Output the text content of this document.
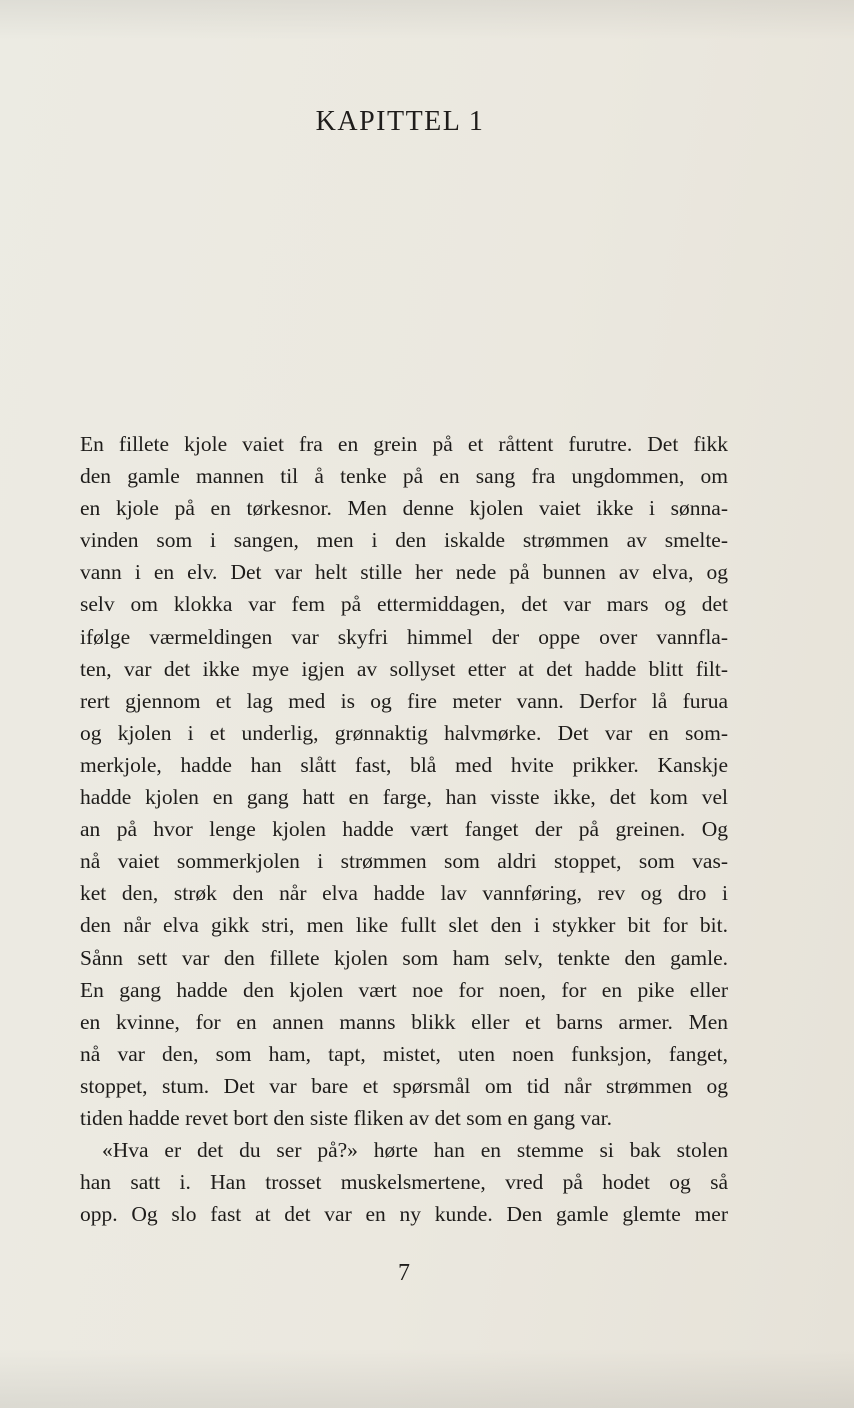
KAPITTEL 1
En fillete kjole vaiet fra en grein på et råttent furutre. Det fikk
den gamle mannen til å tenke på en sang fra ungdommen, om
en kjole på en tørkesnor. Men denne kjolen vaiet ikke i sønna-
vinden som i sangen, men i den iskalde strømmen av smelte-
vann i en elv. Det var helt stille her nede på bunnen av elva, og
selv om klokka var fem på ettermiddagen, det var mars og det
ifølge værmeldingen var skyfri himmel der oppe over vannfla-
ten, var det ikke mye igjen av sollyset etter at det hadde blitt filt-
rert gjennom et lag med is og fire meter vann. Derfor lå furua
og kjolen i et underlig, grønnaktig halvmørke. Det var en som-
merkjole, hadde han slått fast, blå med hvite prikker. Kanskje
hadde kjolen en gang hatt en farge, han visste ikke, det kom vel
an på hvor lenge kjolen hadde vært fanget der på greinen. Og
nå vaiet sommerkjolen i strømmen som aldri stoppet, som vas-
ket den, strøk den når elva hadde lav vannføring, rev og dro i
den når elva gikk stri, men like fullt slet den i stykker bit for bit.
Sånn sett var den fillete kjolen som ham selv, tenkte den gamle.
En gang hadde den kjolen vært noe for noen, for en pike eller
en kvinne, for en annen manns blikk eller et barns armer. Men
nå var den, som ham, tapt, mistet, uten noen funksjon, fanget,
stoppet, stum. Det var bare et spørsmål om tid når strømmen og
tiden hadde revet bort den siste fliken av det som en gang var.
«Hva er det du ser på?» hørte han en stemme si bak stolen
han satt i. Han trosset muskelsmertene, vred på hodet og så
opp. Og slo fast at det var en ny kunde. Den gamle glemte mer
7
